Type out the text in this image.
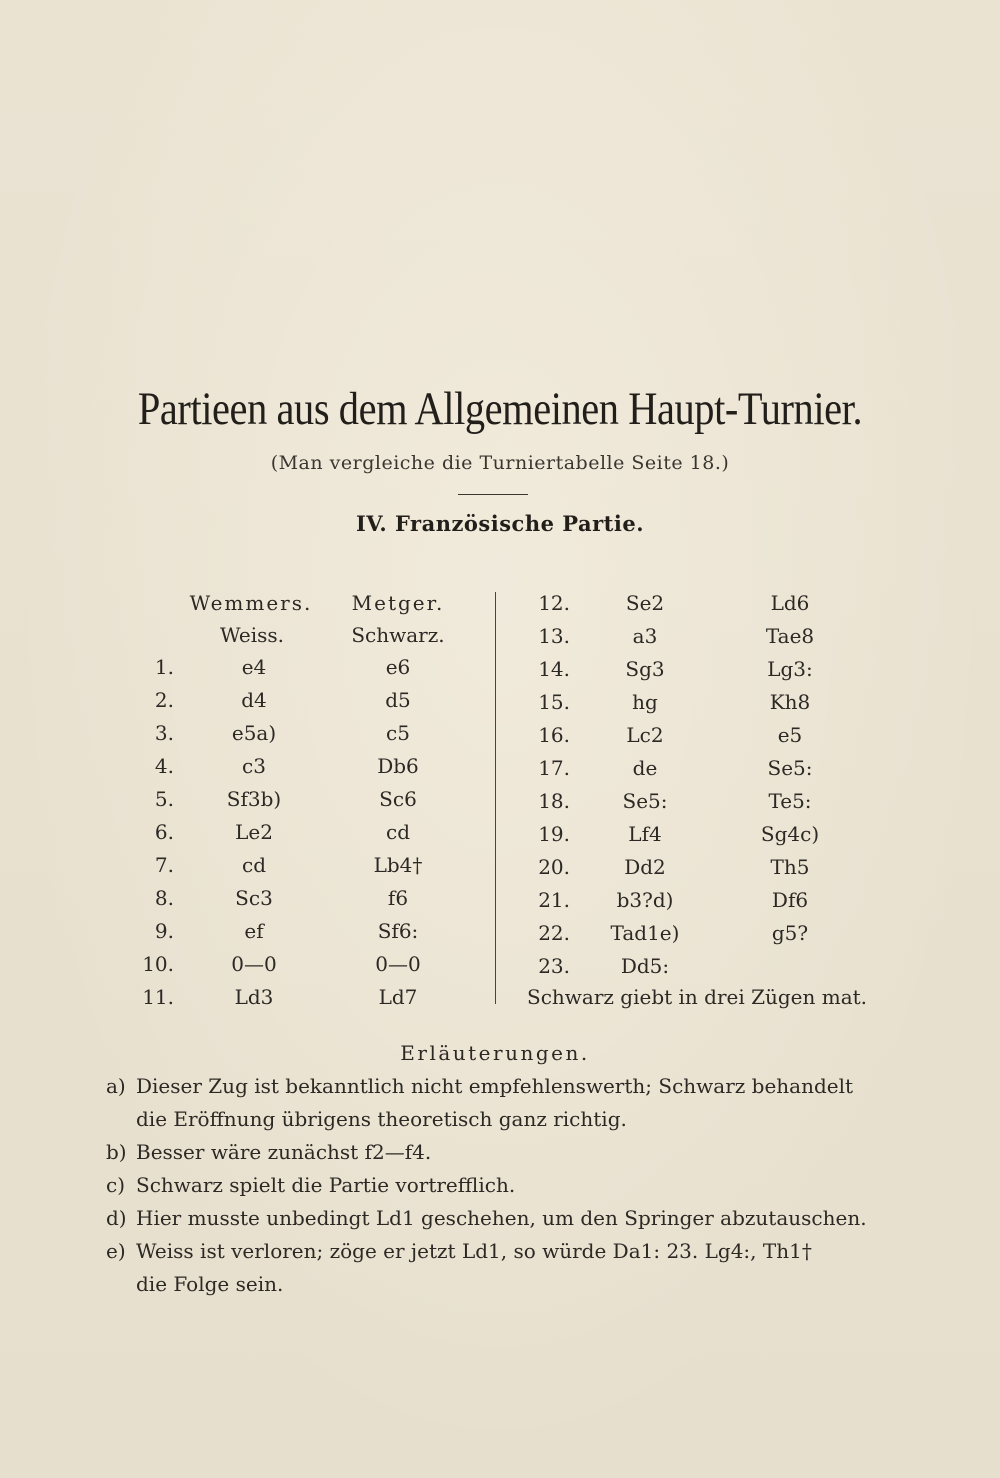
Partieen aus dem Allgemeinen Haupt-Turnier.
(Man vergleiche die Turniertabelle Seite 18.)
IV. Französische Partie.
Wemmers. Metger.
Weiss.	Schwarz.
1.	e4	e6
2.	d4	d5
3.	e5a)	c5
4.	c3	Db6
5.	Sf3b)	Sc6
6.	Le2	cd
7.	cd	Lb4†
8.	Sc3	f6
9.	ef	Sf6:
10.	0—0	0—0
11.	Ld3	Ld7
12.	Se2	Ld6
13.	a3	Tae8
14.	Sg3	Lg3:
15.	hg	Kh8
16.	Lc2	e5
17.	de	Se5:
18.	Se5:	Te5:
19.	Lf4	Sg4c)
20.	Dd2	Th5
21. b3?d)	Df6
22. Tad1e)	g5?
23.	Dd5:
Schwarz giebt in drei Zügen mat.
Erläuterungen.
a) Dieser Zug ist bekanntlich nicht empfehlenswerth; Schwarz behandelt
die Eröffnung übrigens theoretisch ganz richtig.
b) Besser wäre zunächst f2—f4.
c) Schwarz spielt die Partie vortrefflich.
d) Hier musste unbedingt Ld1 geschehen, um den Springer abzutauschen.
e) Weiss ist verloren; zöge er jetzt Ld1, so würde Da1: 23. Lg4:, Th1†
die Folge sein.
